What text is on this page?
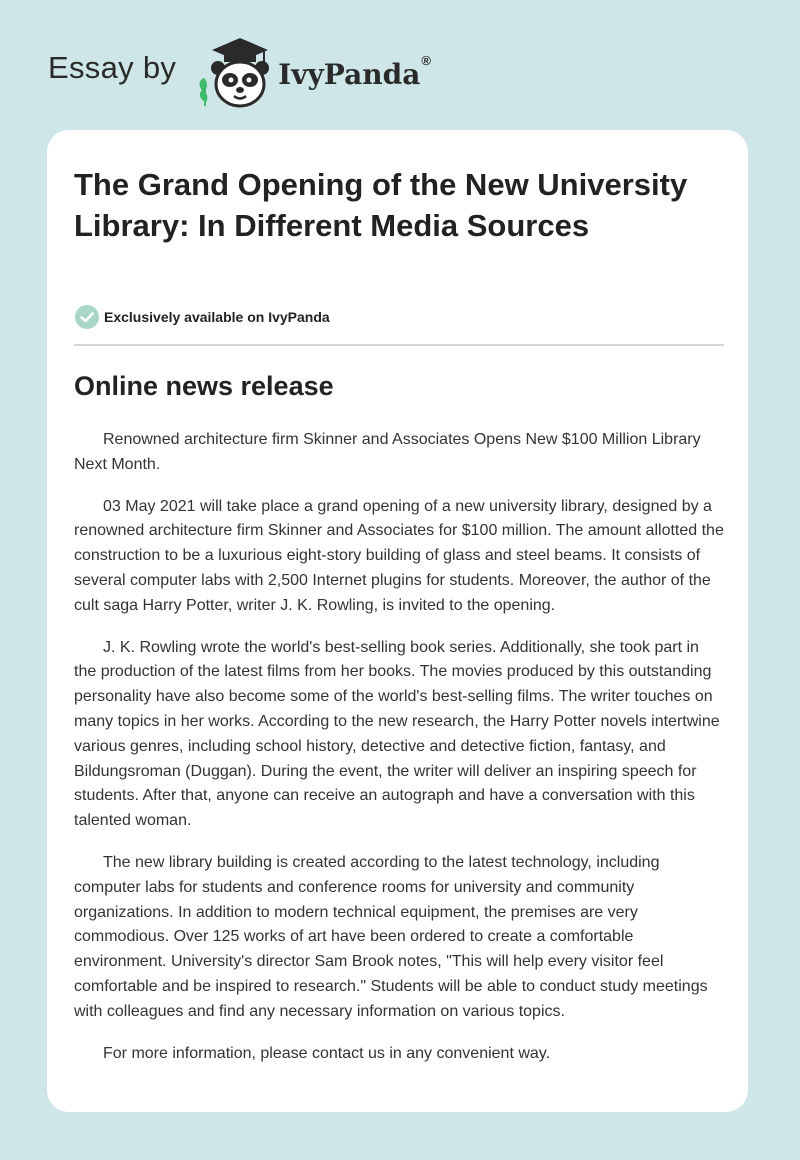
Essay by	IvyPanda ®
The Grand Opening of the New University Library: In Different Media Sources
Exclusively available on IvyPanda
Online news release

Renowned architecture firm Skinner and Associates Opens New $100 Million Library Next Month.

03 May 2021 will take place a grand opening of a new university library, designed by a renowned architecture firm Skinner and Associates for $100 million. The amount allotted the construction to be a luxurious eight-story building of glass and steel beams. It consists of several computer labs with 2,500 Internet plugins for students. Moreover, the author of the cult saga Harry Potter, writer J. K. Rowling, is invited to the opening.

J. K. Rowling wrote the world's best-selling book series. Additionally, she took part in the production of the latest films from her books. The movies produced by this outstanding personality have also become some of the world's best-selling films. The writer touches on many topics in her works. According to the new research, the Harry Potter novels intertwine various genres, including school history, detective and detective fiction, fantasy, and Bildungsroman (Duggan). During the event, the writer will deliver an inspiring speech for students. After that, anyone can receive an autograph and have a conversation with this talented woman.

The new library building is created according to the latest technology, including computer labs for students and conference rooms for university and community organizations. In addition to modern technical equipment, the premises are very commodious. Over 125 works of art have been ordered to create a comfortable environment. University's director Sam Brook notes, "This will help every visitor feel comfortable and be inspired to research." Students will be able to conduct study meetings with colleagues and find any necessary information on various topics.

For more information, please contact us in any convenient way.
